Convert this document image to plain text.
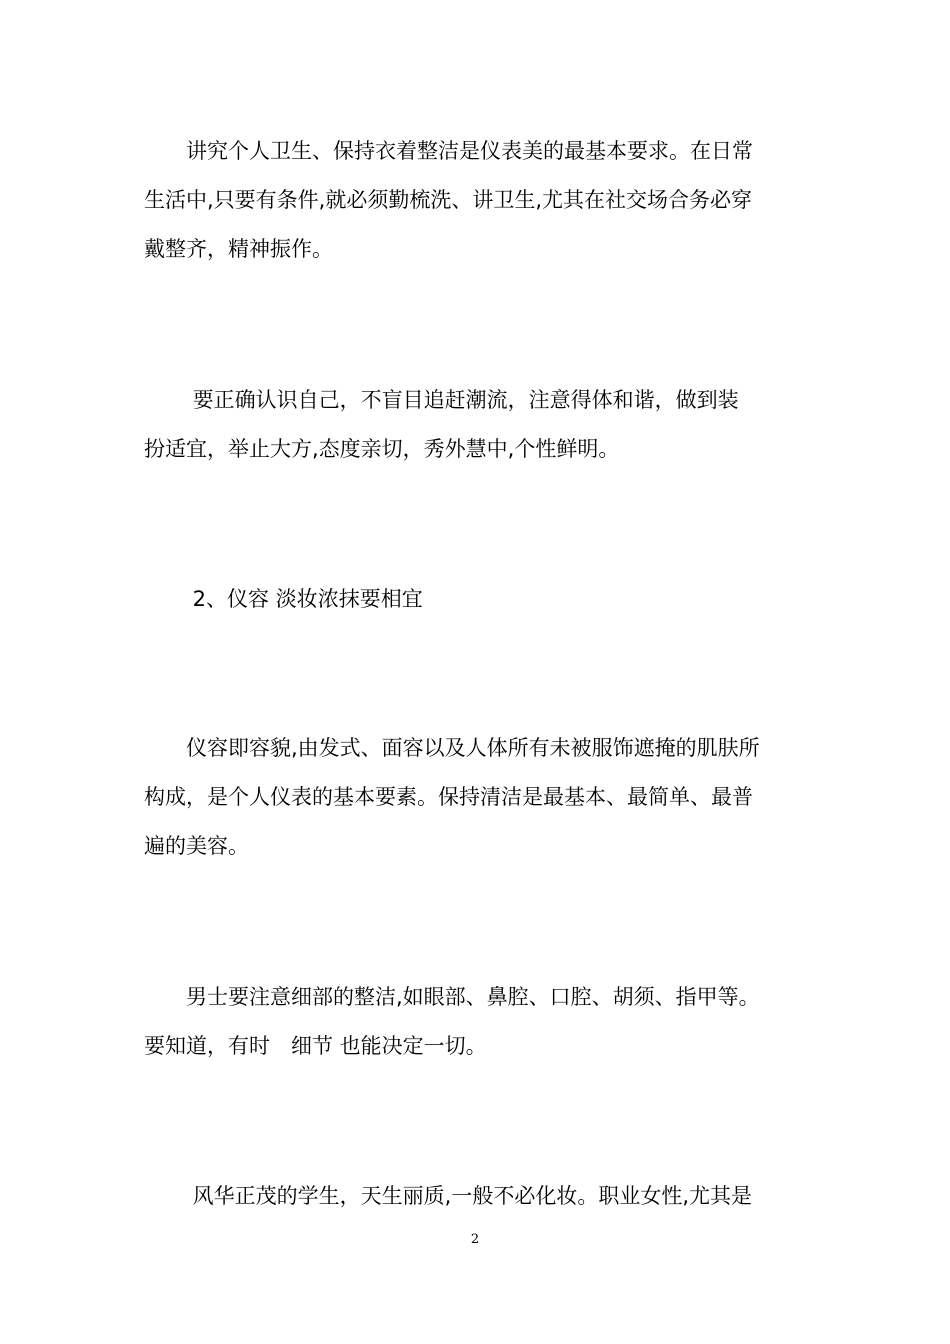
　　讲究个人卫生、保持衣着整洁是仪表美的最基本要求。在日常
生活中,只要有条件,就必须勤梳洗、讲卫生,尤其在社交场合务必穿
戴整齐，精神振作。

　　 要正确认识自己，不盲目追赶潮流，注意得体和谐，做到装
扮适宜，举止大方,态度亲切，秀外慧中,个性鲜明。

　　 2、仪容 淡妆浓抹要相宜

　　仪容即容貌,由发式、面容以及人体所有未被服饰遮掩的肌肤所
构成，是个人仪表的基本要素。保持清洁是最基本、最简单、最普
遍的美容。

　　男士要注意细部的整洁,如眼部、鼻腔、口腔、胡须、指甲等。
要知道，有时　细节 也能决定一切。

　　 风华正茂的学生，天生丽质,一般不必化妆。职业女性,尤其是

2
